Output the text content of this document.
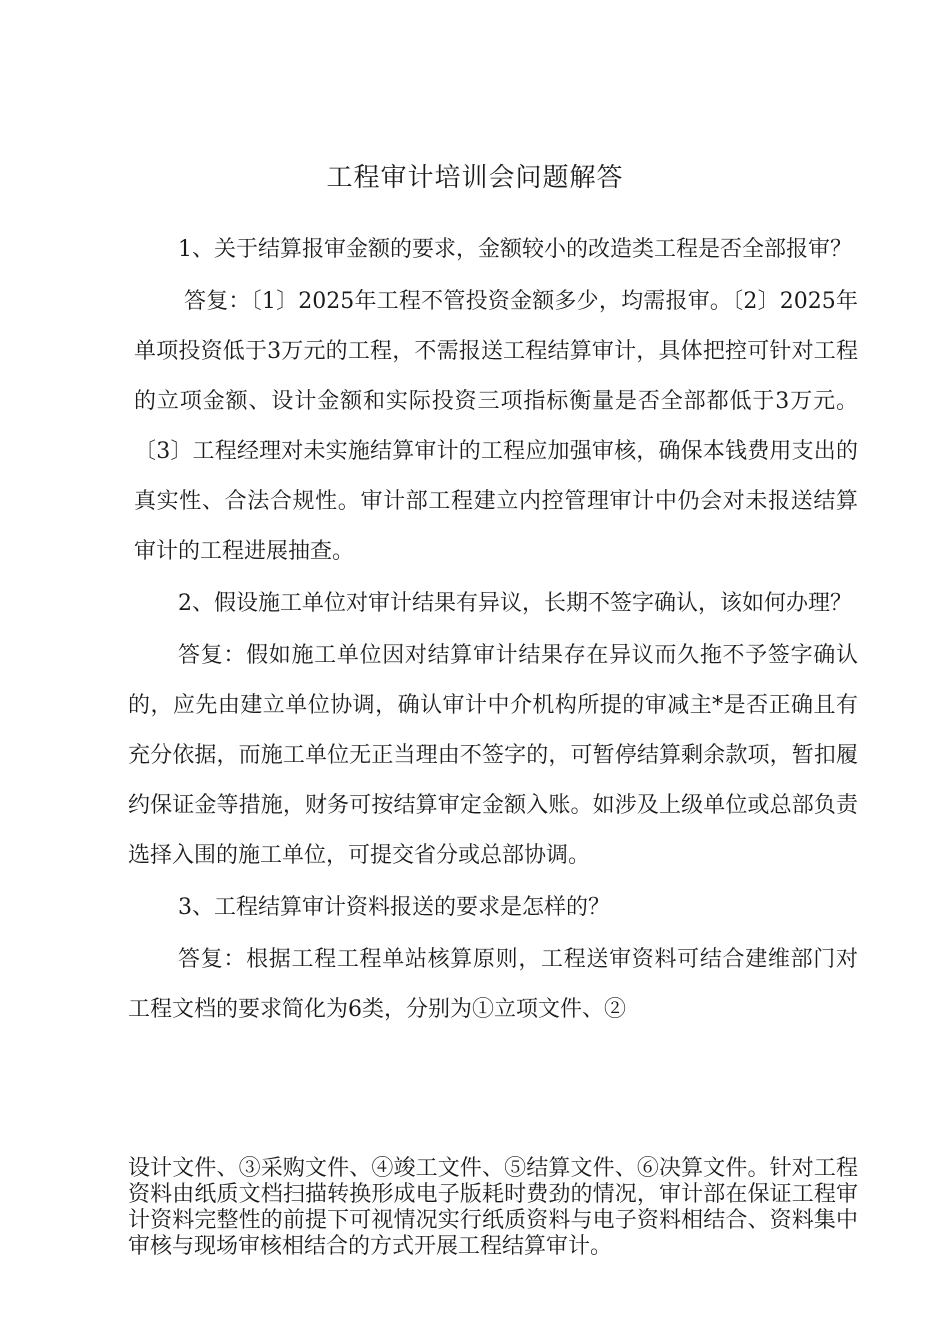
工程审计培训会问题解答

1、关于结算报审金额的要求，金额较小的改造类工程是否全部报审？

答复：〔1〕2025年工程不管投资金额多少，均需报审。〔2〕2025年单项投资低于3万元的工程，不需报送工程结算审计，具体把控可针对工程的立项金额、设计金额和实际投资三项指标衡量是否全部都低于3万元。〔3〕工程经理对未实施结算审计的工程应加强审核，确保本钱费用支出的真实性、合法合规性。审计部工程建立内控管理审计中仍会对未报送结算审计的工程进展抽查。

2、假设施工单位对审计结果有异议，长期不签字确认，该如何办理？

答复：假如施工单位因对结算审计结果存在异议而久拖不予签字确认的，应先由建立单位协调，确认审计中介机构所提的审减主*是否正确且有充分依据，而施工单位无正当理由不签字的，可暂停结算剩余款项，暂扣履约保证金等措施，财务可按结算审定金额入账。如涉及上级单位或总部负责选择入围的施工单位，可提交省分或总部协调。

3、工程结算审计资料报送的要求是怎样的？

答复：根据工程工程单站核算原则，工程送审资料可结合建维部门对工程文档的要求简化为6类，分别为①立项文件、②

设计文件、③采购文件、④竣工文件、⑤结算文件、⑥决算文件。针对工程资料由纸质文档扫描转换形成电子版耗时费劲的情况，审计部在保证工程审计资料完整性的前提下可视情况实行纸质资料与电子资料相结合、资料集中审核与现场审核相结合的方式开展工程结算审计。
